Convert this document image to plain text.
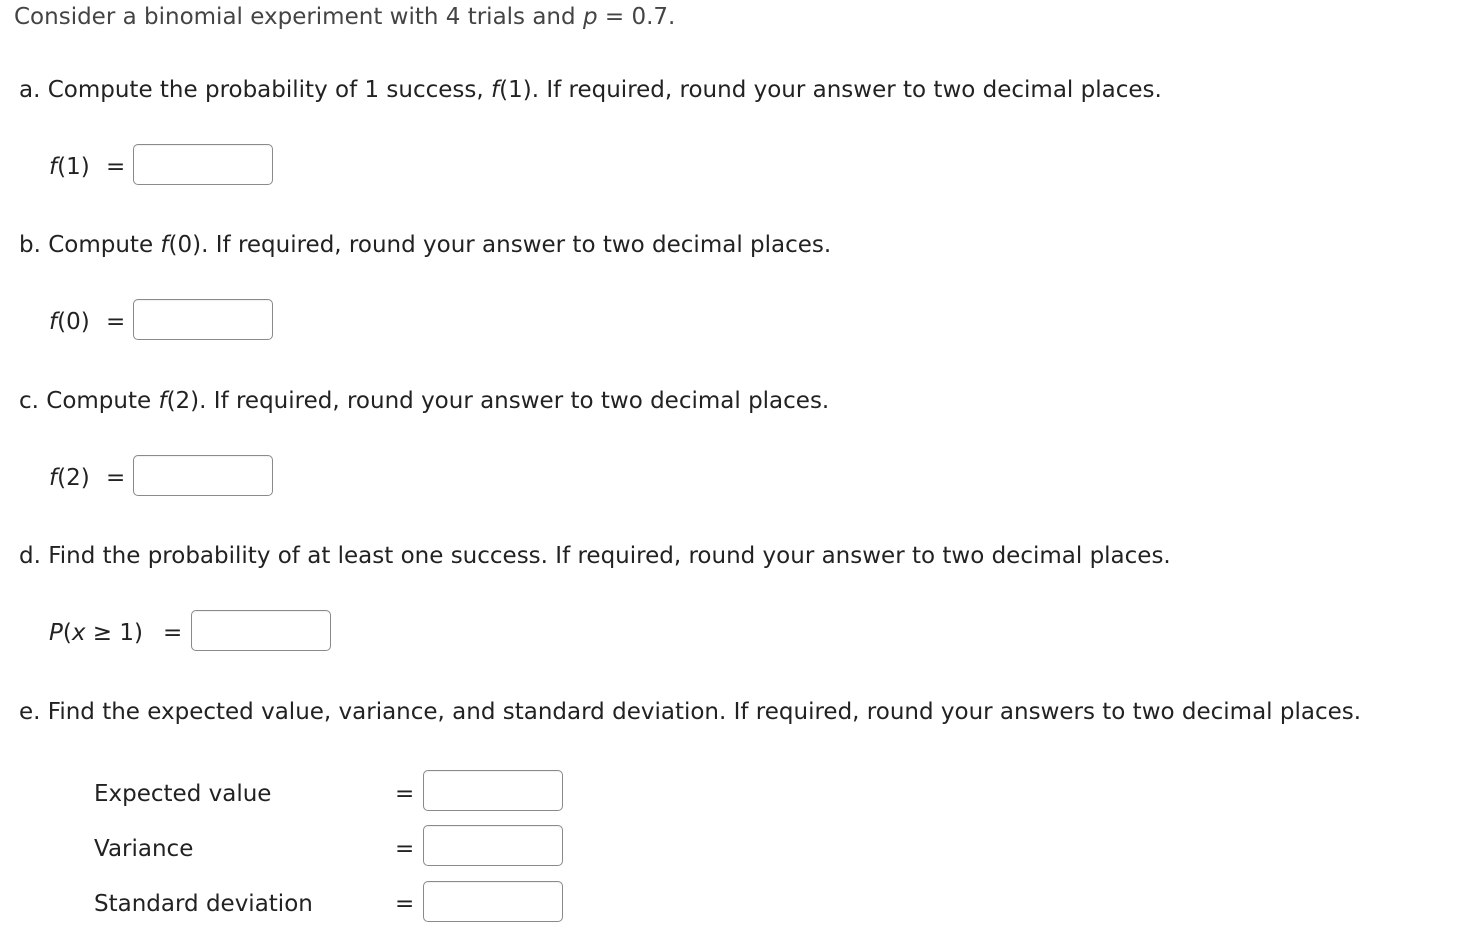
Consider a binomial experiment with 4 trials and p = 0.7.
a. Compute the probability of 1 success, f(1). If required, round your answer to two decimal places.
f(1) =
b. Compute f(0). If required, round your answer to two decimal places.
f(0) =
c. Compute f(2). If required, round your answer to two decimal places.
f(2) =
d. Find the probability of at least one success. If required, round your answer to two decimal places.
P(x ≥ 1) =
e. Find the expected value, variance, and standard deviation. If required, round your answers to two decimal places.
Expected value	=
Variance	=
Standard deviation	=
